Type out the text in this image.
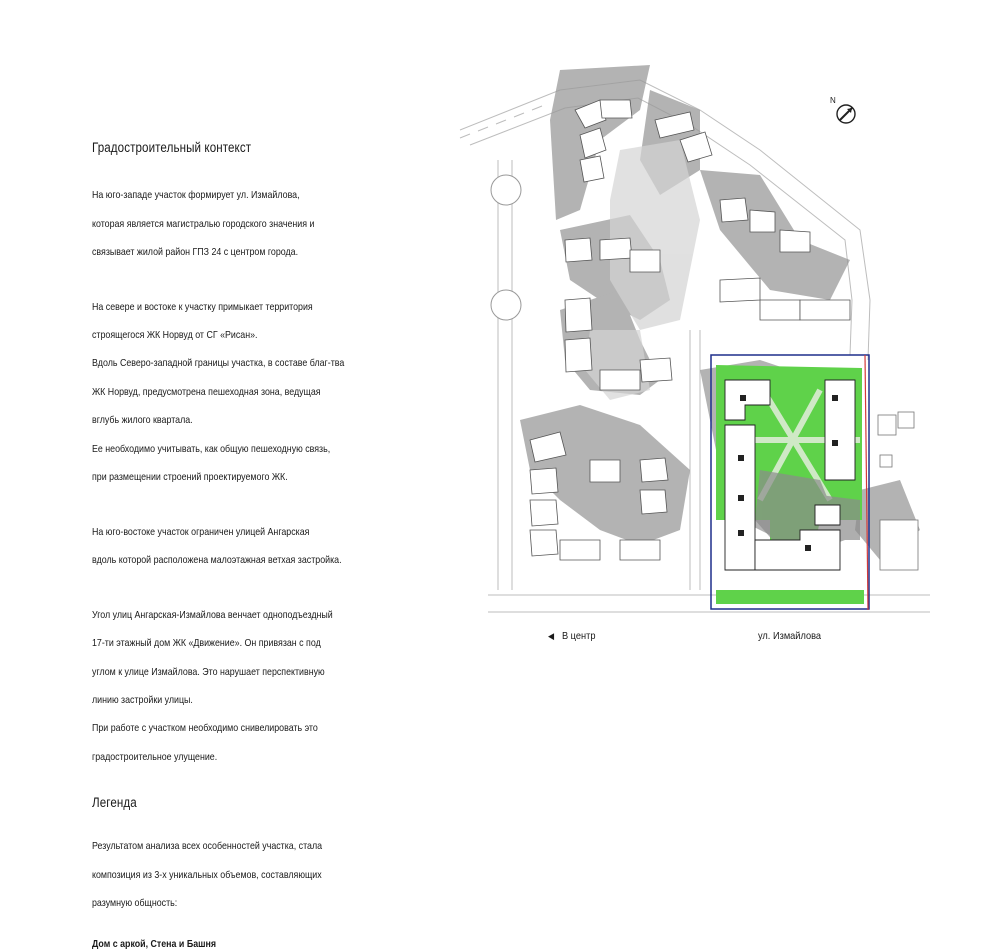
Градостроительный контекст

На юго-западе участок формирует ул. Измайлова,

которая является магистралью городского значения и

связывает жилой район ГПЗ 24 с центром города.

На севере и востоке к участку примыкает территория

строящегося ЖК Норвуд от СГ «Рисан».

Вдоль Северо-западной границы участка, в составе благ-тва

ЖК Норвуд, предусмотрена пешеходная зона, ведущая

вглубь жилого квартала.

Ее необходимо учитывать, как общую пешеходную связь,

при размещении строений проектируемого ЖК.

На юго-востоке участок ограничен улицей Ангарская

вдоль которой расположена малоэтажная ветхая застройка.

Угол улиц Ангарская-Измайлова венчает однoподъездный

17-ти этажный дом ЖК «Движение». Он привязан с под

углом к улице Измайлова. Это нарушает перспективную

линию застройки улицы.

При работе с участком необходимо снивелировать это

градостроительное улущение.

Легенда

Результатом анализа всех особенностей участка, стала

композиция из 3-х уникальных объемов, составляющих

разумную общность:

Дом с аркой, Стена и Башня
N
◀ В центр	ул. Измайлова
